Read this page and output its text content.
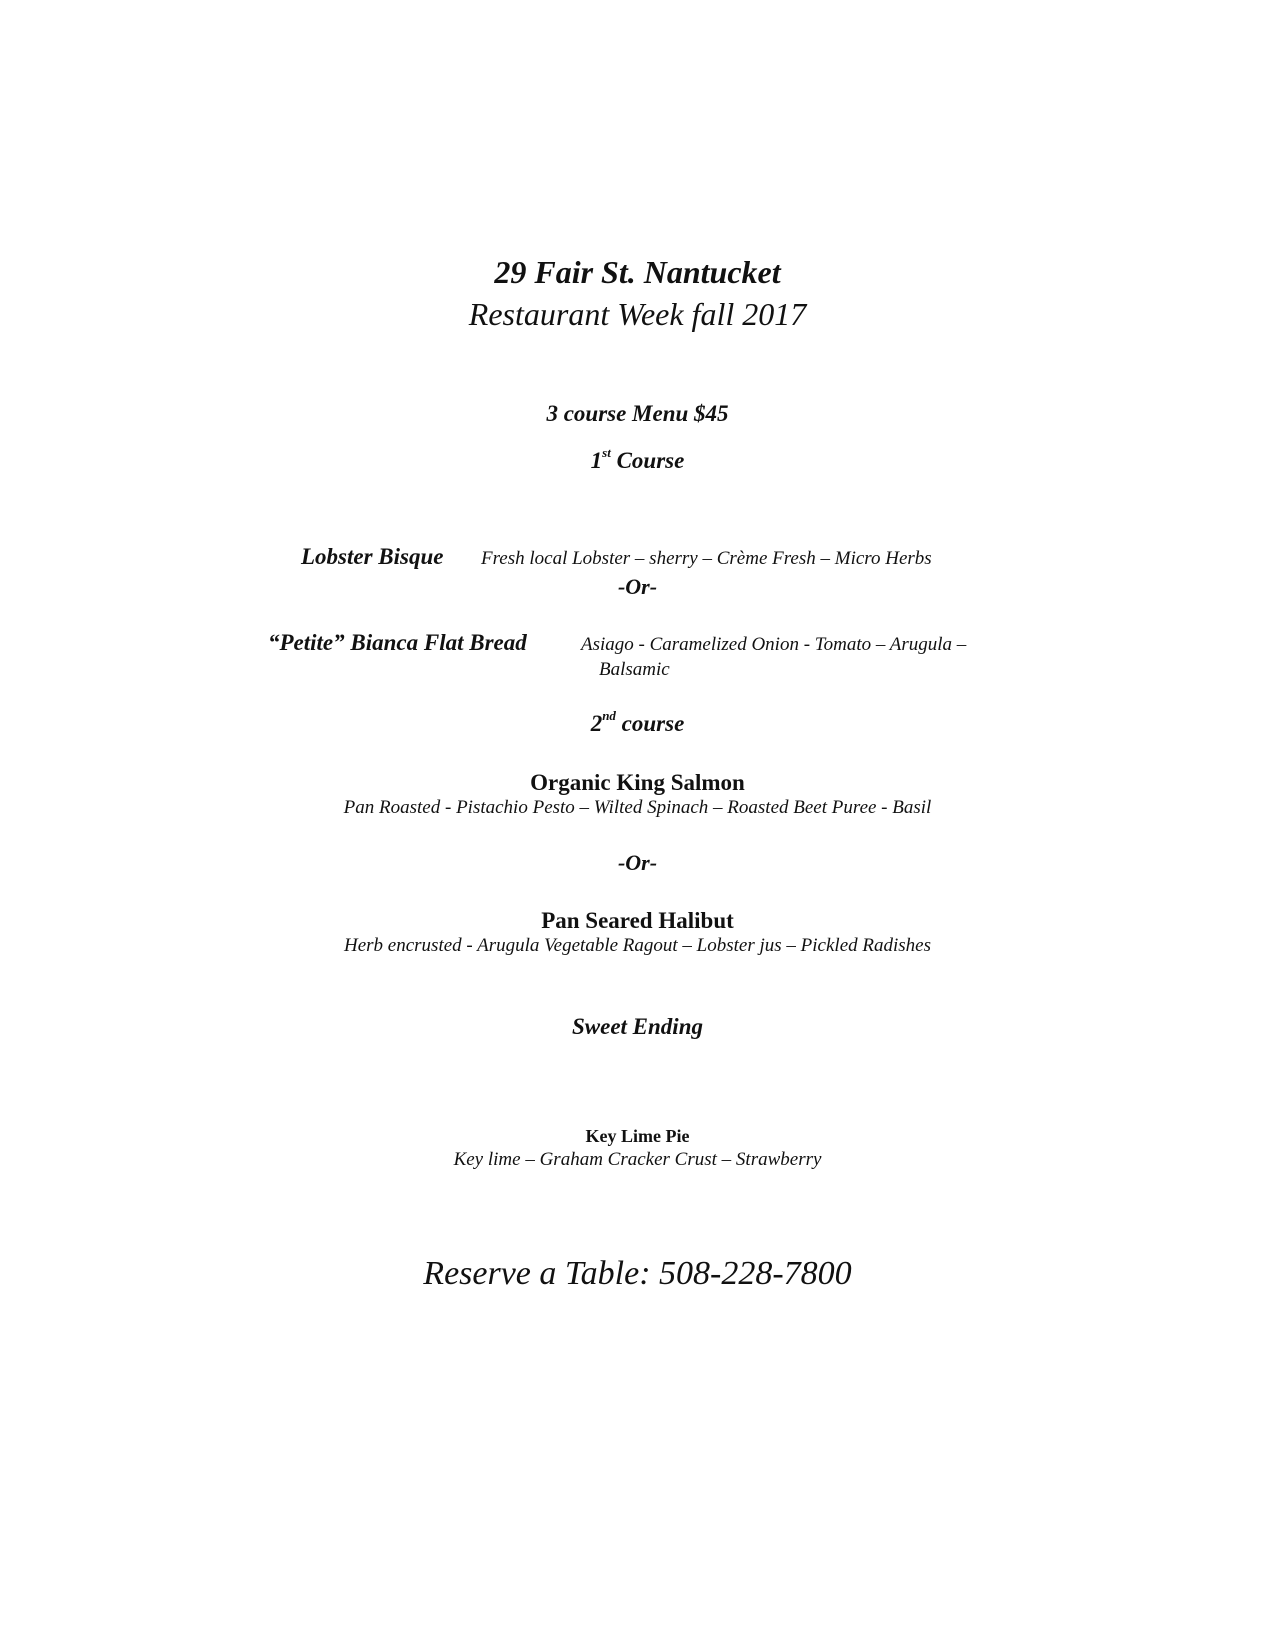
29 Fair St. Nantucket
Restaurant Week fall 2017
3 course Menu $45
1st Course
Lobster Bisque Fresh local Lobster – sherry – Crème Fresh – Micro Herbs
-Or-
“Petite” Bianca Flat Bread	Asiago - Caramelized Onion - Tomato – Arugula –
Balsamic
2nd course
Organic King Salmon
Pan Roasted - Pistachio Pesto – Wilted Spinach – Roasted Beet Puree - Basil
-Or-
Pan Seared Halibut
Herb encrusted - Arugula Vegetable Ragout – Lobster jus – Pickled Radishes
Sweet Ending
Key Lime Pie
Key lime – Graham Cracker Crust – Strawberry
Reserve a Table: 508-228-7800
